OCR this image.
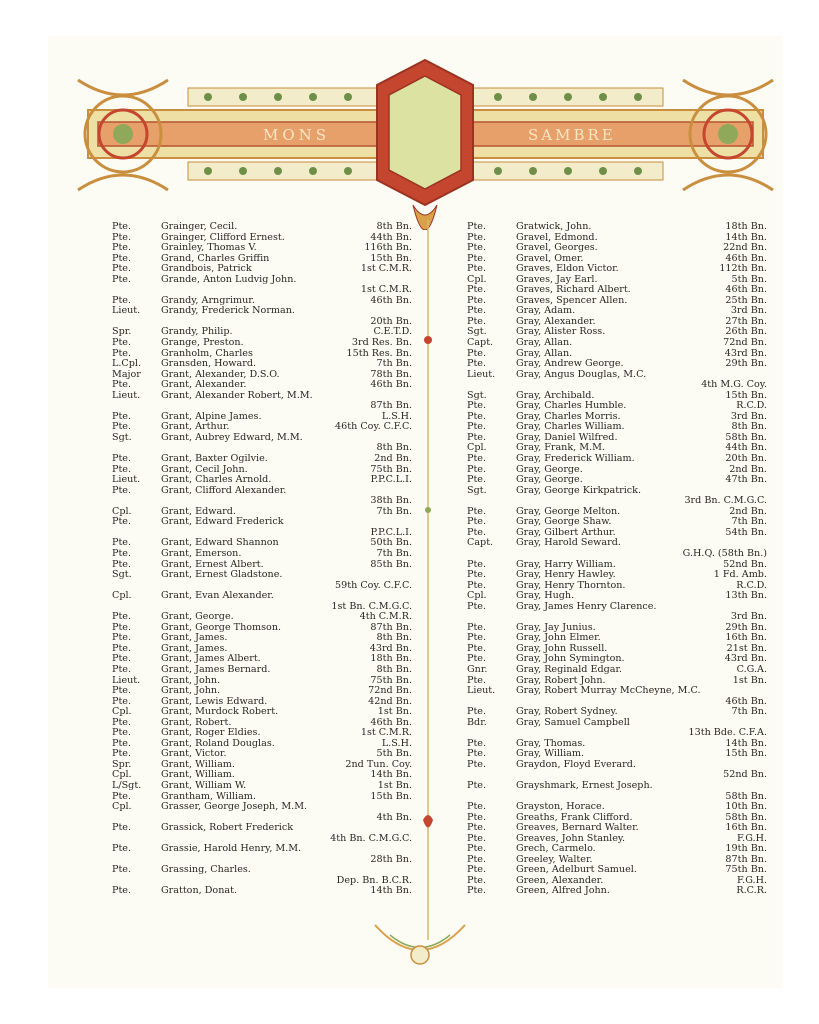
MONS	SAMBRE
Pte.	Grainger, Cecil.	8th Bn.
Pte.	Grainger, Clifford Ernest.	44th Bn.
Pte.	Grainley, Thomas V.	116th Bn.
Pte.	Grand, Charles Griffin	15th Bn.
Pte.	Grandbois, Patrick	1st C.M.R.
Pte.	Grande, Anton Ludvig John.
1st C.M.R.
Pte.	Grandy, Arngrimur.	46th Bn.
Lieut.	Grandy, Frederick Norman.
20th Bn.
Spr.	Grandy, Philip.	C.E.T.D.
Pte.	Grange, Preston.	3rd Res. Bn.
Pte.	Granholm, Charles	15th Res. Bn.
L.Cpl.	Gransden, Howard.	7th Bn.
Major	Grant, Alexander, D.S.O.	78th Bn.
Pte.	Grant, Alexander.	46th Bn.
Lieut.	Grant, Alexander Robert, M.M.
87th Bn.
Pte.	Grant, Alpine James.	L.S.H.
Pte.	Grant, Arthur.	46th Coy. C.F.C.
Sgt.	Grant, Aubrey Edward, M.M.
8th Bn.
Pte.	Grant, Baxter Ogilvie.	2nd Bn.
Pte.	Grant, Cecil John.	75th Bn.
Lieut.	Grant, Charles Arnold.	P.P.C.L.I.
Pte.	Grant, Clifford Alexander.
38th Bn.
Cpl.	Grant, Edward.	7th Bn.
Pte.	Grant, Edward Frederick
P.P.C.L.I.
Pte.	Grant, Edward Shannon	50th Bn.
Pte.	Grant, Emerson.	7th Bn.
Pte.	Grant, Ernest Albert.	85th Bn.
Sgt.	Grant, Ernest Gladstone.
59th Coy. C.F.C.
Cpl.	Grant, Evan Alexander.
1st Bn. C.M.G.C.
Pte.	Grant, George.	4th C.M.R.
Pte.	Grant, George Thomson.	87th Bn.
Pte.	Grant, James.	8th Bn.
Pte.	Grant, James.	43rd Bn.
Pte.	Grant, James Albert.	18th Bn.
Pte.	Grant, James Bernard.	8th Bn.
Lieut.	Grant, John.	75th Bn.
Pte.	Grant, John.	72nd Bn.
Pte.	Grant, Lewis Edward.	42nd Bn.
Cpl.	Grant, Murdock Robert.	1st Bn.
Pte.	Grant, Robert.	46th Bn.
Pte.	Grant, Roger Eldies.	1st C.M.R.
Pte.	Grant, Roland Douglas.	L.S.H.
Pte.	Grant, Victor.	5th Bn.
Spr.	Grant, William.	2nd Tun. Coy.
Cpl.	Grant, William.	14th Bn.
L/Sgt.	Grant, William W.	1st Bn.
Pte.	Grantham, William.	15th Bn.
Cpl.	Grasser, George Joseph, M.M.
4th Bn.
Pte.	Grassick, Robert Frederick
4th Bn. C.M.G.C.
Pte.	Grassie, Harold Henry, M.M.
28th Bn.
Pte.	Grassing, Charles.
Dep. Bn. B.C.R.
Pte.	Gratton, Donat.	14th Bn.
Pte.	Gratwick, John.	18th Bn.
Pte.	Gravel, Edmond.	14th Bn.
Pte.	Gravel, Georges.	22nd Bn.
Pte.	Gravel, Omer.	46th Bn.
Pte.	Graves, Eldon Victor.	112th Bn.
Cpl.	Graves, Jay Earl.	5th Bn.
Pte.	Graves, Richard Albert.	46th Bn.
Pte.	Graves, Spencer Allen.	25th Bn.
Pte.	Gray, Adam.	3rd Bn.
Pte.	Gray, Alexander.	27th Bn.
Sgt.	Gray, Alister Ross.	26th Bn.
Capt.	Gray, Allan.	72nd Bn.
Pte.	Gray, Allan.	43rd Bn.
Pte.	Gray, Andrew George.	29th Bn.
Lieut.	Gray, Angus Douglas, M.C.
4th M.G. Coy.
Sgt.	Gray, Archibald.	15th Bn.
Pte.	Gray, Charles Humble.	R.C.D.
Pte.	Gray, Charles Morris.	3rd Bn.
Pte.	Gray, Charles William.	8th Bn.
Pte.	Gray, Daniel Wilfred.	58th Bn.
Cpl.	Gray, Frank, M.M.	44th Bn.
Pte.	Gray, Frederick William.	20th Bn.
Pte.	Gray, George.	2nd Bn.
Pte.	Gray, George.	47th Bn.
Sgt.	Gray, George Kirkpatrick.
3rd Bn. C.M.G.C.
Pte.	Gray, George Melton.	2nd Bn.
Pte.	Gray, George Shaw.	7th Bn.
Pte.	Gray, Gilbert Arthur.	54th Bn.
Capt.	Gray, Harold Seward.
G.H.Q. (58th Bn.)
Pte.	Gray, Harry William.	52nd Bn.
Pte.	Gray, Henry Hawley.	1 Fd. Amb.
Pte.	Gray, Henry Thornton.	R.C.D.
Cpl.	Gray, Hugh.	13th Bn.
Pte.	Gray, James Henry Clarence.
3rd Bn.
Pte.	Gray, Jay Junius.	29th Bn.
Pte.	Gray, John Elmer.	16th Bn.
Pte.	Gray, John Russell.	21st Bn.
Pte.	Gray, John Symington.	43rd Bn.
Gnr.	Gray, Reginald Edgar.	C.G.A.
Pte.	Gray, Robert John.	1st Bn.
Lieut.	Gray, Robert Murray McCheyne, M.C.
46th Bn.
Pte.	Gray, Robert Sydney.	7th Bn.
Bdr.	Gray, Samuel Campbell
13th Bde. C.F.A.
Pte.	Gray, Thomas.	14th Bn.
Pte.	Gray, William.	15th Bn.
Pte.	Graydon, Floyd Everard.
52nd Bn.
Pte.	Grayshmark, Ernest Joseph.
58th Bn.
Pte.	Grayston, Horace.	10th Bn.
Pte.	Greaths, Frank Clifford.	58th Bn.
Pte.	Greaves, Bernard Walter.	16th Bn.
Pte.	Greaves, John Stanley.	F.G.H.
Pte.	Grech, Carmelo.	19th Bn.
Pte.	Greeley, Walter.	87th Bn.
Pte.	Green, Adelburt Samuel.	75th Bn.
Pte.	Green, Alexander.	F.G.H.
Pte.	Green, Alfred John.	R.C.R.
